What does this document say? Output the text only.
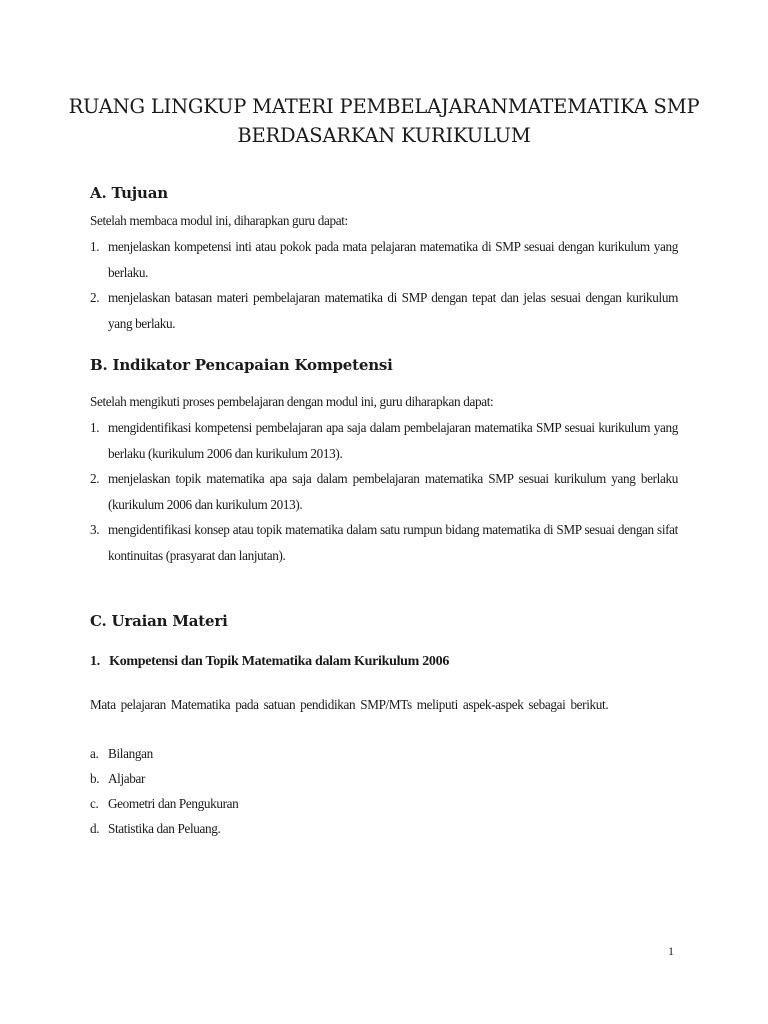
RUANG LINGKUP MATERI PEMBELAJARANMATEMATIKA SMP
BERDASARKAN KURIKULUM
A. Tujuan
Setelah membaca modul ini, diharapkan guru dapat:
1. menjelaskan kompetensi inti atau pokok pada mata pelajaran matematika di SMP sesuai dengan kurikulum yang berlaku.
2. menjelaskan batasan materi pembelajaran matematika di SMP dengan tepat dan jelas sesuai dengan kurikulum yang berlaku.
B. Indikator Pencapaian Kompetensi
Setelah mengikuti proses pembelajaran dengan modul ini, guru diharapkan dapat:
1. mengidentifikasi kompetensi pembelajaran apa saja dalam pembelajaran matematika SMP sesuai kurikulum yang berlaku (kurikulum 2006 dan kurikulum 2013).
2. menjelaskan topik matematika apa saja dalam pembelajaran matematika SMP sesuai kurikulum yang berlaku (kurikulum 2006 dan kurikulum 2013).
3. mengidentifikasi konsep atau topik matematika dalam satu rumpun bidang matematika di SMP sesuai dengan sifat kontinuitas (prasyarat dan lanjutan).
C. Uraian Materi
1. Kompetensi dan Topik Matematika dalam Kurikulum 2006
Mata pelajaran Matematika pada satuan pendidikan SMP/MTs meliputi aspek-aspek sebagai berikut.
a. Bilangan
b. Aljabar
c. Geometri dan Pengukuran
d. Statistika dan Peluang.
1
